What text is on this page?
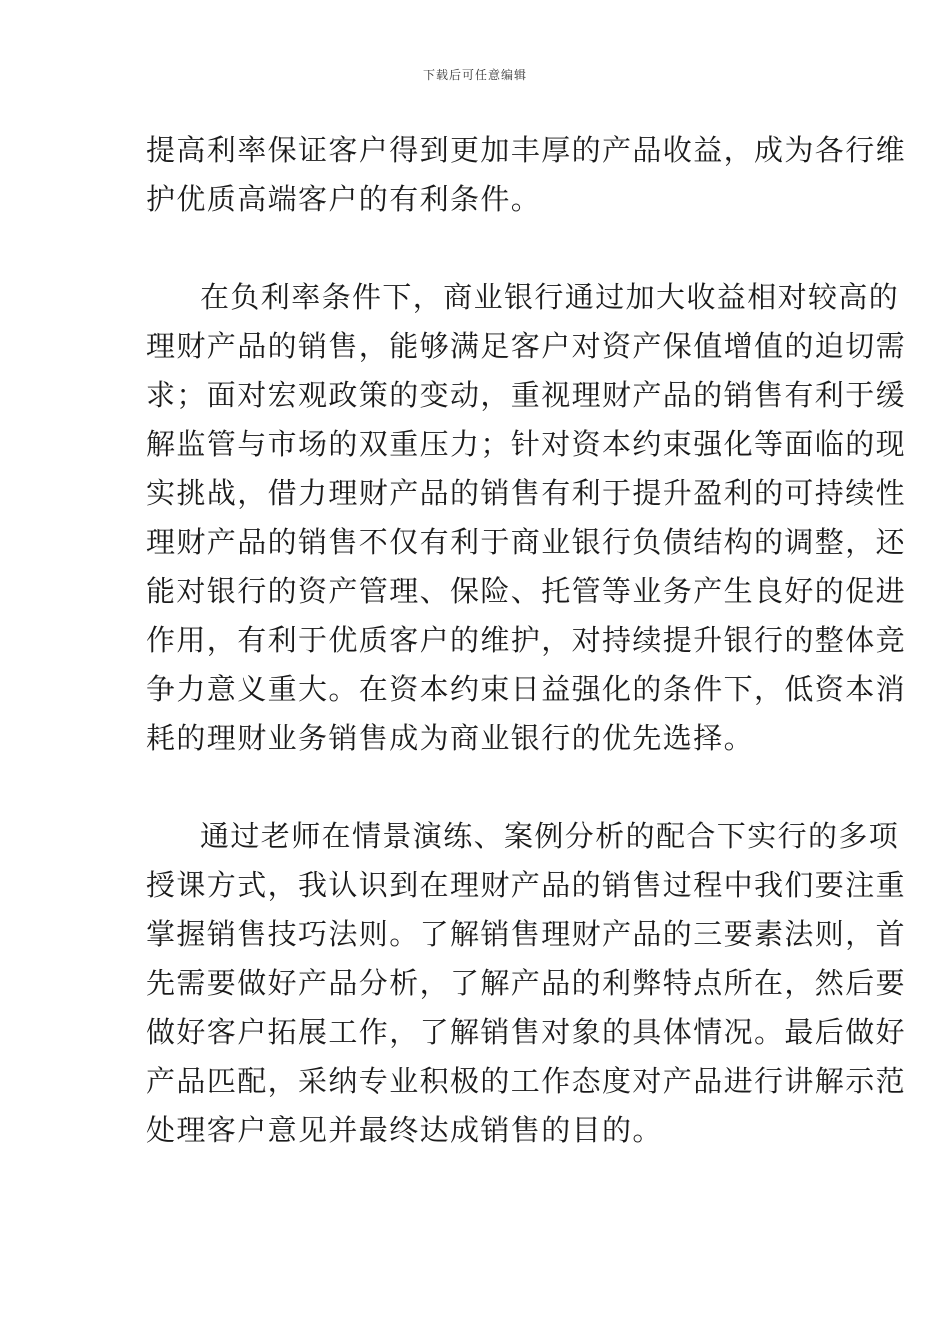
下载后可任意编辑
提高利率保证客户得到更加丰厚的产品收益，成为各行维
护优质高端客户的有利条件。
在负利率条件下，商业银行通过加大收益相对较高的
理财产品的销售，能够满足客户对资产保值增值的迫切需
求；面对宏观政策的变动，重视理财产品的销售有利于缓
解监管与市场的双重压力；针对资本约束强化等面临的现
实挑战，借力理财产品的销售有利于提升盈利的可持续性
理财产品的销售不仅有利于商业银行负债结构的调整，还
能对银行的资产管理、保险、托管等业务产生良好的促进
作用，有利于优质客户的维护，对持续提升银行的整体竞
争力意义重大。在资本约束日益强化的条件下，低资本消
耗的理财业务销售成为商业银行的优先选择。
通过老师在情景演练、案例分析的配合下实行的多项
授课方式，我认识到在理财产品的销售过程中我们要注重
掌握销售技巧法则。了解销售理财产品的三要素法则，首
先需要做好产品分析，了解产品的利弊特点所在，然后要
做好客户拓展工作，了解销售对象的具体情况。最后做好
产品匹配，采纳专业积极的工作态度对产品进行讲解示范
处理客户意见并最终达成销售的目的。
